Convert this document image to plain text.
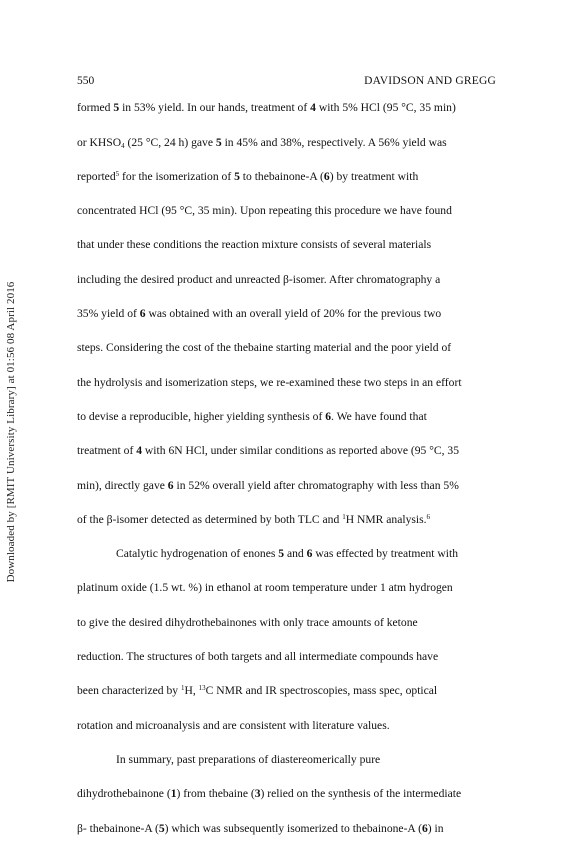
Downloaded by [RMIT University Library] at 01:56 08 April 2016
550	DAVIDSON AND GREGG
formed 5 in 53% yield. In our hands, treatment of 4 with 5% HCl (95 °C, 35 min)
or $KHSO_4$ (25 °C, 24 h) gave 5 in 45% and 38%, respectively. A 56% yield was
reported$^5$ for the isomerization of 5 to thebainone-A (6) by treatment with
concentrated HCl (95 °C, 35 min). Upon repeating this procedure we have found
that under these conditions the reaction mixture consists of several materials
including the desired product and unreacted β-isomer. After chromatography a
35% yield of 6 was obtained with an overall yield of 20% for the previous two
steps. Considering the cost of the thebaine starting material and the poor yield of
the hydrolysis and isomerization steps, we re-examined these two steps in an effort
to devise a reproducible, higher yielding synthesis of 6. We have found that
treatment of 4 with 6N HCl, under similar conditions as reported above (95 °C, 35
min), directly gave 6 in 52% overall yield after chromatography with less than 5%
of the β-isomer detected as determined by both TLC and $^1$H NMR analysis.$^6$
Catalytic hydrogenation of enones 5 and 6 was effected by treatment with
platinum oxide (1.5 wt. %) in ethanol at room temperature under 1 atm hydrogen
to give the desired dihydrothebainones with only trace amounts of ketone
reduction. The structures of both targets and all intermediate compounds have
been characterized by $^1$H, $^{13}$C NMR and IR spectroscopies, mass spec, optical
rotation and microanalysis and are consistent with literature values.
In summary, past preparations of diastereomerically pure
dihydrothebainone (1) from thebaine (3) relied on the synthesis of the intermediate
β- thebainone-A (5) which was subsequently isomerized to thebainone-A (6) in
